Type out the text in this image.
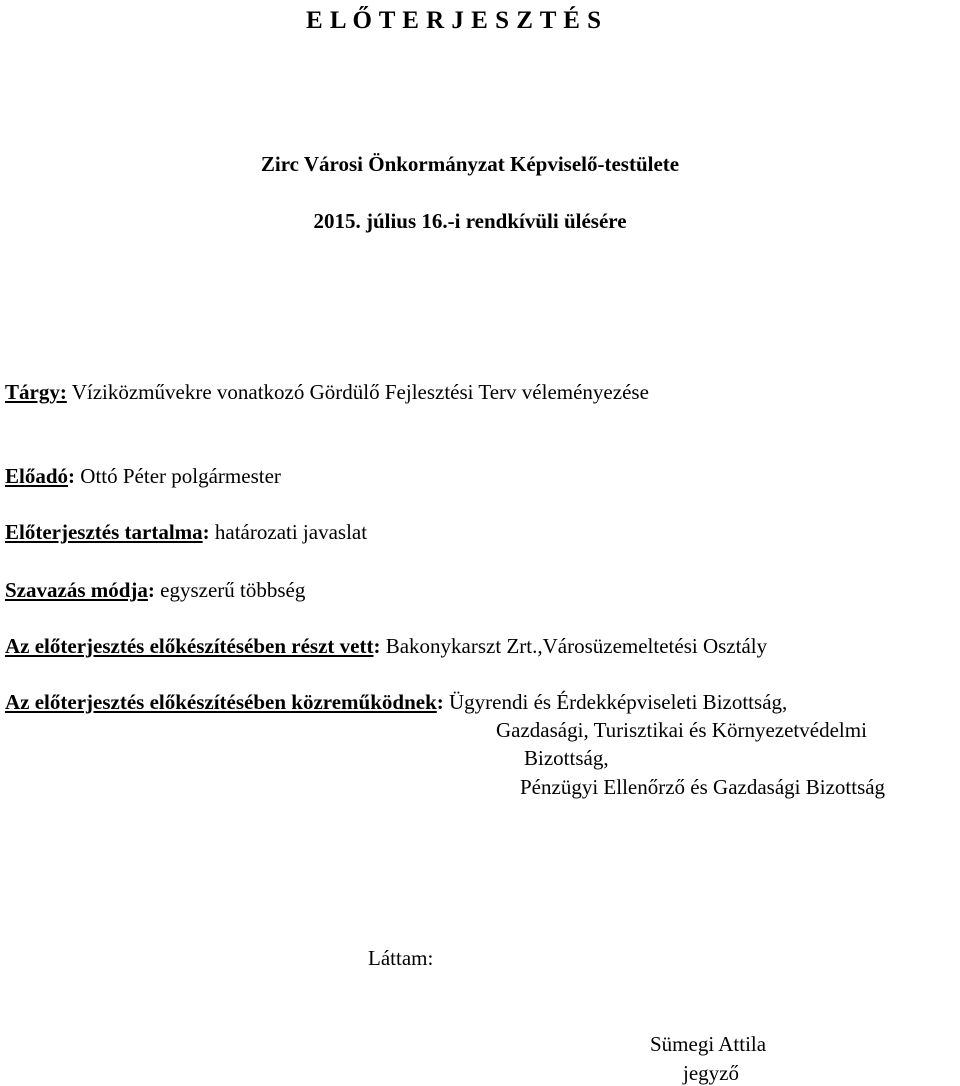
E L Ő T E R J E S Z T É S
Zirc Városi Önkormányzat Képviselő-testülete
2015. július 16.-i rendkívüli ülésére
Tárgy: Víziközművekre vonatkozó Gördülő Fejlesztési Terv véleményezése
Előadó: Ottó Péter polgármester
Előterjesztés tartalma: határozati javaslat
Szavazás módja: egyszerű többség
Az előterjesztés előkészítésében részt vett: Bakonykarszt Zrt.,Városüzemeltetési Osztály
Az előterjesztés előkészítésében közreműködnek: Ügyrendi és Érdekképviseleti Bizottság,
Gazdasági, Turisztikai és Környezetvédelmi
Bizottság,
Pénzügyi Ellenőrző és Gazdasági Bizottság
Láttam:
Sümegi Attila
jegyző
